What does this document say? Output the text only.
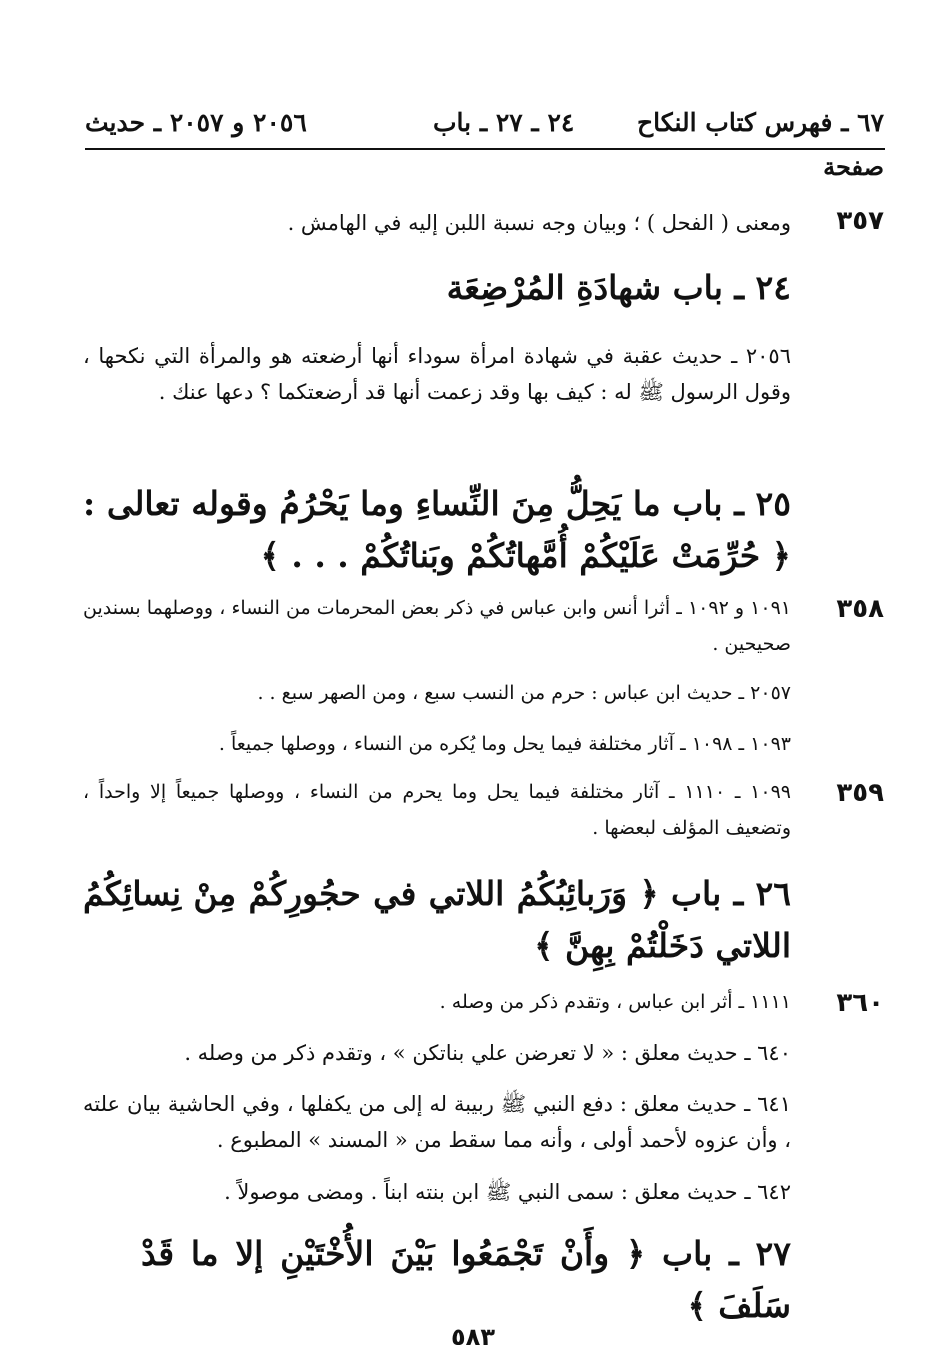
٦٧ ـ فهرس كتاب النكاح
٢٤ ـ ٢٧ ـ باب
٢٠٥٦ و ٢٠٥٧ ـ حديث
صفحة
٣٥٧
ومعنى ( الفحل ) ؛ وبيان وجه نسبة اللبن إليه في الهامش .
٢٤ ـ باب شهادَةِ المُرْضِعَة
٢٠٥٦ ـ حديث عقبة في شهادة امرأة سوداء أنها أرضعته هو والمرأة التي نكحها ، وقول الرسول ﷺ له : كيف بها وقد زعمت أنها قد أرضعتكما ؟ دعها عنك .
٢٥ ـ باب ما يَحِلُّ مِنَ النِّساءِ وما يَحْرُمُ وقوله تعالى : ﴿ حُرِّمَتْ عَلَيْكُمْ أُمَّهاتُكُمْ وبَناتُكُمْ . . . ﴾
٣٥٨
١٠٩١ و ١٠٩٢ ـ أثرا أنس وابن عباس في ذكر بعض المحرمات من النساء ، ووصلهما بسندين صحيحين .
٢٠٥٧ ـ حديث ابن عباس : حرم من النسب سبع ، ومن الصهر سبع . .
١٠٩٣ ـ ١٠٩٨ ـ آثار مختلفة فيما يحل وما يُكره من النساء ، ووصلها جميعاً .
٣٥٩
١٠٩٩ ـ ١١١٠ ـ آثار مختلفة فيما يحل وما يحرم من النساء ، ووصلها جميعاً إلا واحداً ، وتضعيف المؤلف لبعضها .
٢٦ ـ باب ﴿ وَرَبائِبُكُمُ اللاتي في حجُورِكُمْ مِنْ نِسائِكُمُ اللاتي دَخَلْتُمْ بِهِنَّ ﴾
٣٦٠
١١١١ ـ أثر ابن عباس ، وتقدم ذكر من وصله .
٦٤٠ ـ حديث معلق : « لا تعرضن علي بناتكن » ، وتقدم ذكر من وصله .
٦٤١ ـ حديث معلق : دفع النبي ﷺ ربيبة له إلى من يكفلها ، وفي الحاشية بيان علته ، وأن عزوه لأحمد أولى ، وأنه مما سقط من « المسند » المطبوع .
٦٤٢ ـ حديث معلق : سمى النبي ﷺ ابن بنته ابناً . ومضى موصولاً .
٢٧ ـ باب ﴿ وأَنْ تَجْمَعُوا بَيْنَ الأُخْتَيْنِ إلا ما قَدْ سَلَفَ ﴾
٥٨٣
